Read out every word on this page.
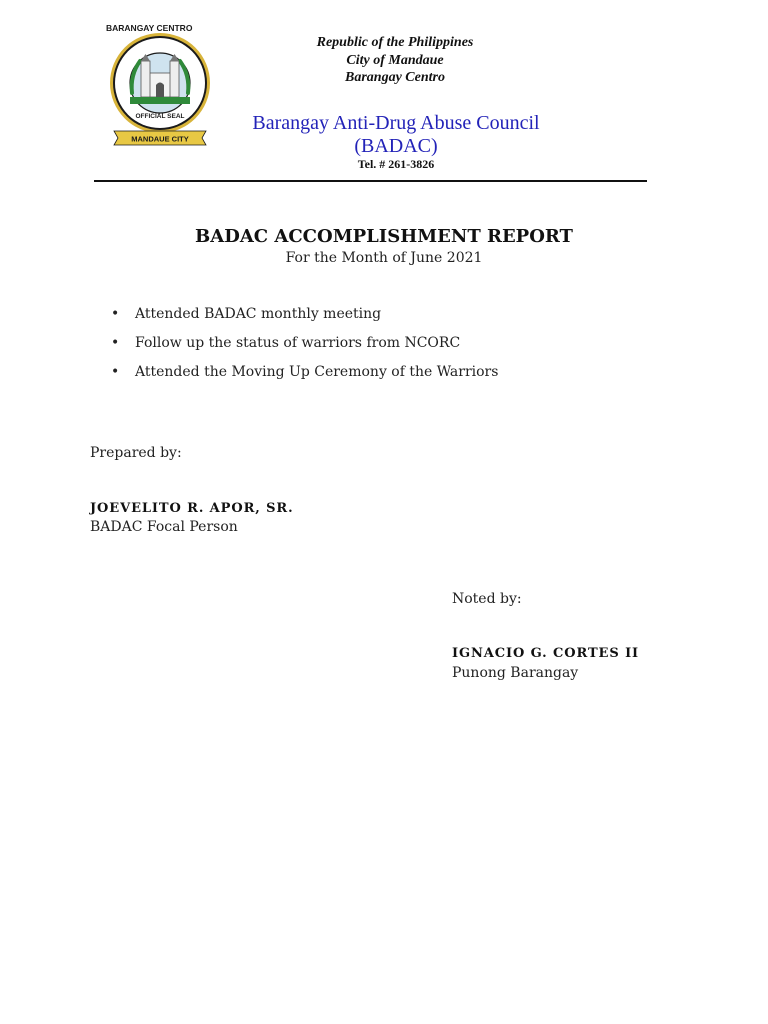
BARANGAY CENTRO
OFFICIAL SEAL
MANDAUE CITY
Republic of the Philippines
City of Mandaue
Barangay Centro
Barangay Anti-Drug Abuse Council
(BADAC)
Tel. # 261-3826
BADAC ACCOMPLISHMENT REPORT
For the Month of June 2021
• Attended BADAC monthly meeting
• Follow up the status of warriors from NCORC
• Attended the Moving Up Ceremony of the Warriors
Prepared by:
JOEVELITO R. APOR, SR.
BADAC Focal Person
Noted by:
IGNACIO G. CORTES II
Punong Barangay
